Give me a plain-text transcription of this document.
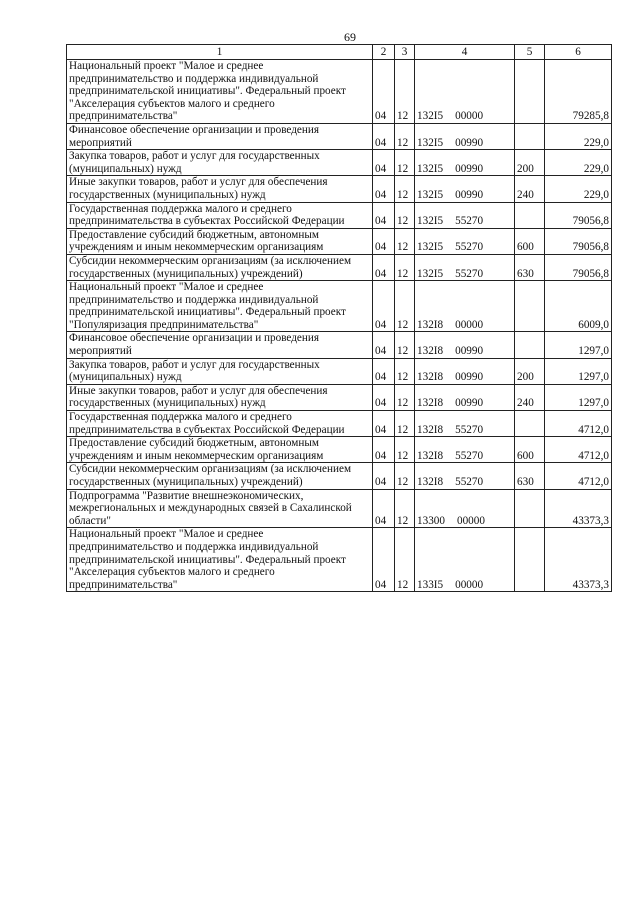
69
1	2	3	4	5	6
Национальный проект "Малое и среднее предпринимательство и поддержка индивидуальной предпринимательской инициативы". Федеральный проект "Акселерация субъектов малого и среднего предпринимательства"	04	12	132I5 00000		79285,8
Финансовое обеспечение организации и проведения мероприятий	04	12	132I5 00990		229,0
Закупка товаров, работ и услуг для государственных (муниципальных) нужд	04	12	132I5 00990	200	229,0
Иные закупки товаров, работ и услуг для обеспечения государственных (муниципальных) нужд	04	12	132I5 00990	240	229,0
Государственная поддержка малого и среднего предпринимательства в субъектах Российской Федерации	04	12	132I5 55270		79056,8
Предоставление субсидий бюджетным, автономным учреждениям и иным некоммерческим организациям	04	12	132I5 55270	600	79056,8
Субсидии некоммерческим организациям (за исключением государственных (муниципальных) учреждений)	04	12	132I5 55270	630	79056,8
Национальный проект "Малое и среднее предпринимательство и поддержка индивидуальной предпринимательской инициативы". Федеральный проект "Популяризация предпринимательства"	04	12	132I8 00000		6009,0
Финансовое обеспечение организации и проведения мероприятий	04	12	132I8 00990		1297,0
Закупка товаров, работ и услуг для государственных (муниципальных) нужд	04	12	132I8 00990	200	1297,0
Иные закупки товаров, работ и услуг для обеспечения государственных (муниципальных) нужд	04	12	132I8 00990	240	1297,0
Государственная поддержка малого и среднего предпринимательства в субъектах Российской Федерации	04	12	132I8 55270		4712,0
Предоставление субсидий бюджетным, автономным учреждениям и иным некоммерческим организациям	04	12	132I8 55270	600	4712,0
Субсидии некоммерческим организациям (за исключением государственных (муниципальных) учреждений)	04	12	132I8 55270	630	4712,0
Подпрограмма "Развитие внешнеэкономических, межрегиональных и международных связей в Сахалинской области"	04	12	13300 00000		43373,3
Национальный проект "Малое и среднее предпринимательство и поддержка индивидуальной предпринимательской инициативы". Федеральный проект "Акселерация субъектов малого и среднего предпринимательства"	04	12	133I5 00000		43373,3
